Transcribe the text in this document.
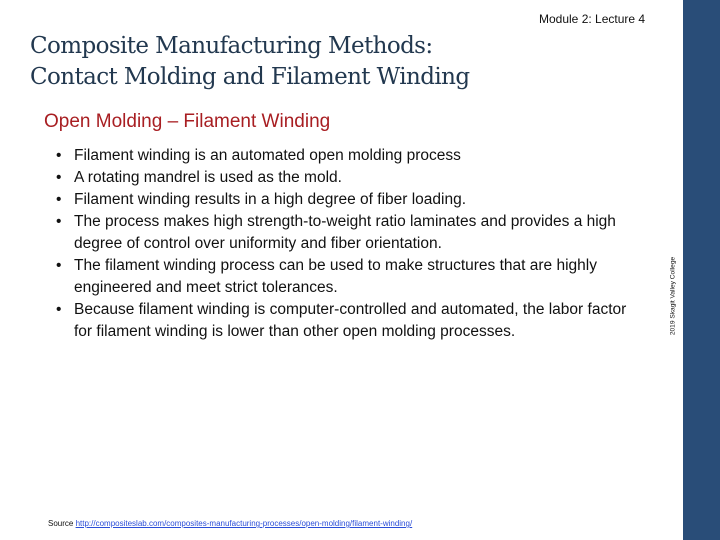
Module 2: Lecture 4
Composite Manufacturing Methods:
Contact Molding and Filament Winding
Open Molding – Filament Winding
• Filament winding is an automated open molding process
• A rotating mandrel is used as the mold.
• Filament winding results in a high degree of fiber loading.
• The process makes high strength-to-weight ratio laminates and provides a high degree of control over uniformity and fiber orientation.
• The filament winding process can be used to make structures that are highly engineered and meet strict tolerances.
• Because filament winding is computer-controlled and automated, the labor factor for filament winding is lower than other open molding processes.
Source http://compositeslab.com/composites-manufacturing-processes/open-molding/filament-winding/
2019 Skagit Valley College
